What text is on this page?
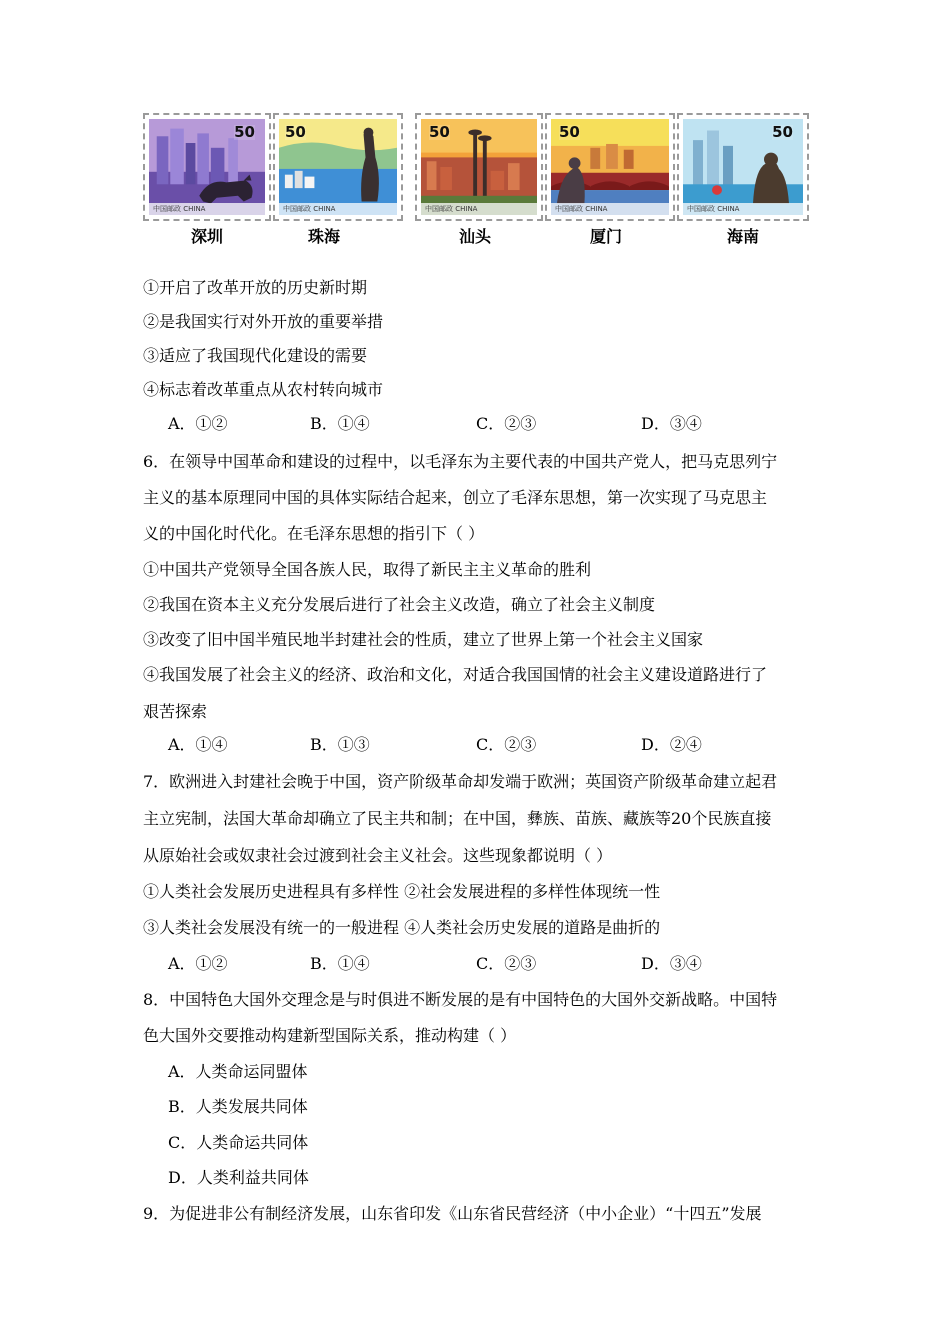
50
中国邮政 CHINA
50
中国邮政 CHINA
50
中国邮政 CHINA
50
中国邮政 CHINA
50
中国邮政 CHINA
深圳	珠海	汕头	厦门	海南
①开启了改革开放的历史新时期
②是我国实行对外开放的重要举措
③适应了我国现代化建设的需要
④标志着改革重点从农村转向城市
A．①②	B．①④	C．②③	D．③④
6．在领导中国革命和建设的过程中，以毛泽东为主要代表的中国共产党人，把马克思列宁
主义的基本原理同中国的具体实际结合起来，创立了毛泽东思想，第一次实现了马克思主
义的中国化时代化。在毛泽东思想的指引下（ ）
①中国共产党领导全国各族人民，取得了新民主主义革命的胜利
②我国在资本主义充分发展后进行了社会主义改造，确立了社会主义制度
③改变了旧中国半殖民地半封建社会的性质，建立了世界上第一个社会主义国家
④我国发展了社会主义的经济、政治和文化，对适合我国国情的社会主义建设道路进行了
艰苦探索
A．①④	B．①③	C．②③	D．②④
7．欧洲进入封建社会晚于中国，资产阶级革命却发端于欧洲；英国资产阶级革命建立起君
主立宪制，法国大革命却确立了民主共和制；在中国，彝族、苗族、藏族等20个民族直接
从原始社会或奴隶社会过渡到社会主义社会。这些现象都说明（ ）
①人类社会发展历史进程具有多样性 ②社会发展进程的多样性体现统一性
③人类社会发展没有统一的一般进程 ④人类社会历史发展的道路是曲折的
A．①②	B．①④	C．②③	D．③④
8．中国特色大国外交理念是与时俱进不断发展的是有中国特色的大国外交新战略。中国特
色大国外交要推动构建新型国际关系，推动构建（ ）
A．人类命运同盟体
B．人类发展共同体
C．人类命运共同体
D．人类利益共同体
9．为促进非公有制经济发展，山东省印发《山东省民营经济（中小企业）“十四五”发展
